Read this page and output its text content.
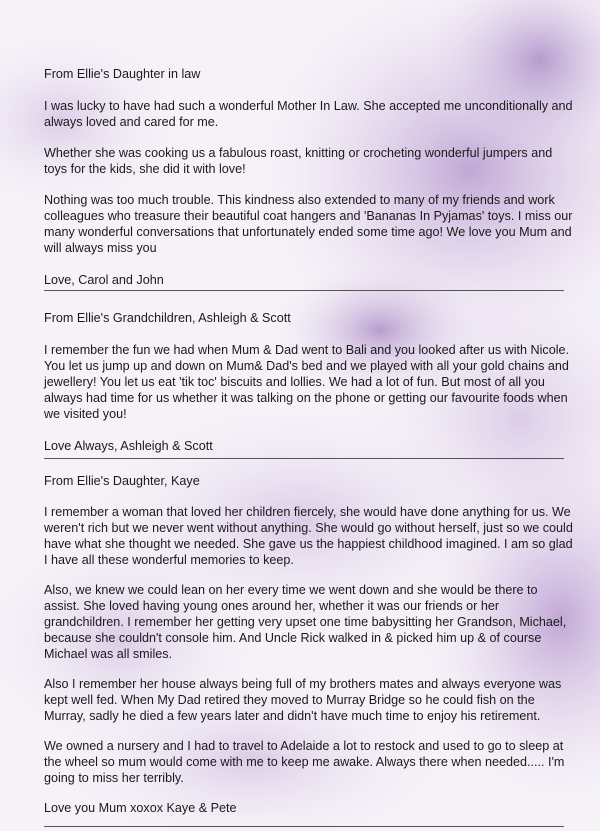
From Ellie's Daughter in law

I was lucky to have had such a wonderful Mother In Law. She accepted me unconditionally and always loved and cared for me.

Whether she was cooking us a fabulous roast, knitting or crocheting wonderful jumpers and toys for the kids, she did it with love!

Nothing was too much trouble. This kindness also extended to many of my friends and work colleagues who treasure their beautiful coat hangers and 'Bananas In Pyjamas' toys. I miss our many wonderful conversations that unfortunately ended some time ago! We love you Mum and will always miss you

Love, Carol and John

From Ellie's Grandchildren, Ashleigh & Scott

I remember the fun we had when Mum & Dad went to Bali and you looked after us with Nicole. You let us jump up and down on Mum& Dad's bed and we played with all your gold chains and jewellery! You let us eat 'tik toc' biscuits and lollies. We had a lot of fun. But most of all you always had time for us whether it was talking on the phone or getting our favourite foods when we visited you!

Love Always, Ashleigh & Scott

From Ellie's Daughter, Kaye

I remember a woman that loved her children fiercely, she would have done anything for us. We weren't rich but we never went without anything. She would go without herself, just so we could have what she thought we needed. She gave us the happiest childhood imagined. I am so glad I have all these wonderful memories to keep.

Also, we knew we could lean on her every time we went down and she would be there to assist. She loved having young ones around her, whether it was our friends or her grandchildren. I remember her getting very upset one time babysitting her Grandson, Michael, because she couldn't console him. And Uncle Rick walked in & picked him up & of course Michael was all smiles.

Also I remember her house always being full of my brothers mates and always everyone was kept well fed. When My Dad retired they moved to Murray Bridge so he could fish on the Murray, sadly he died a few years later and didn't have much time to enjoy his retirement.

We owned a nursery and I had to travel to Adelaide a lot to restock and used to go to sleep at the wheel so mum would come with me to keep me awake. Always there when needed..... I'm going to miss her terribly.

Love you Mum xoxox Kaye & Pete
